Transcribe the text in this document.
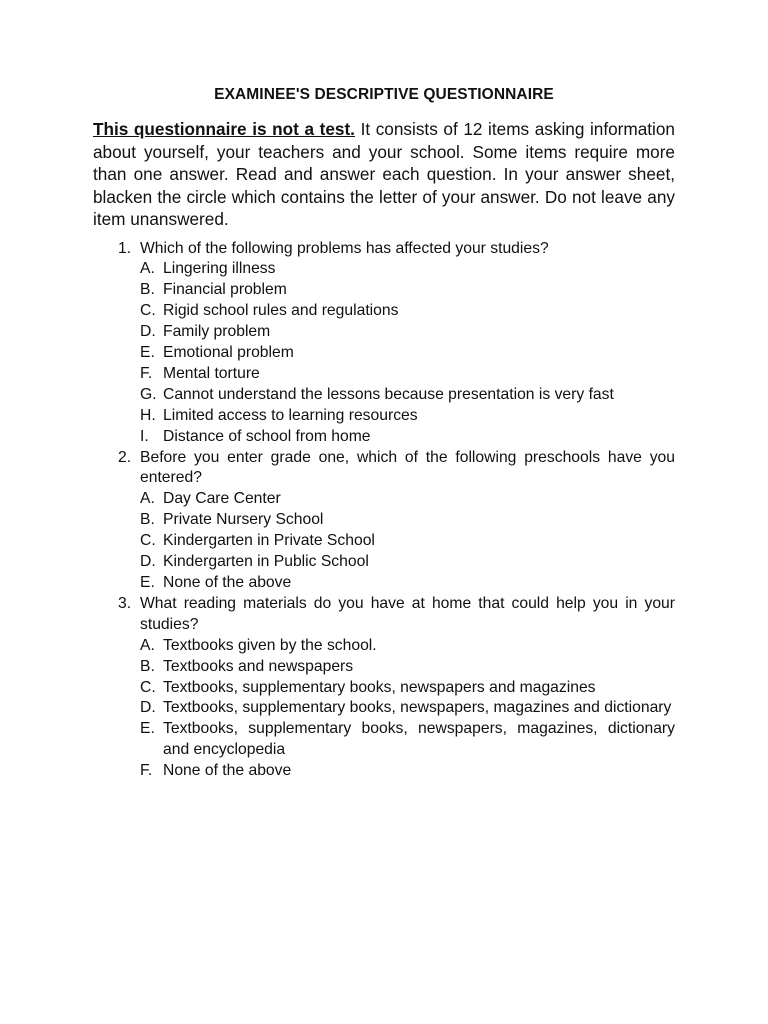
EXAMINEE'S DESCRIPTIVE QUESTIONNAIRE

This questionnaire is not a test. It consists of 12 items asking information about yourself, your teachers and your school. Some items require more than one answer. Read and answer each question. In your answer sheet, blacken the circle which contains the letter of your answer. Do not leave any item unanswered.

1. Which of the following problems has affected your studies?
A. Lingering illness
B. Financial problem
C. Rigid school rules and regulations
D. Family problem
E. Emotional problem
F. Mental torture
G. Cannot understand the lessons because presentation is very fast
H. Limited access to learning resources
I. Distance of school from home
2. Before you enter grade one, which of the following preschools have you entered?
A. Day Care Center
B. Private Nursery School
C. Kindergarten in Private School
D. Kindergarten in Public School
E. None of the above
3. What reading materials do you have at home that could help you in your studies?
A. Textbooks given by the school.
B. Textbooks and newspapers
C. Textbooks, supplementary books, newspapers and magazines
D. Textbooks, supplementary books, newspapers, magazines and dictionary
E. Textbooks, supplementary books, newspapers, magazines, dictionary and encyclopedia
F. None of the above
